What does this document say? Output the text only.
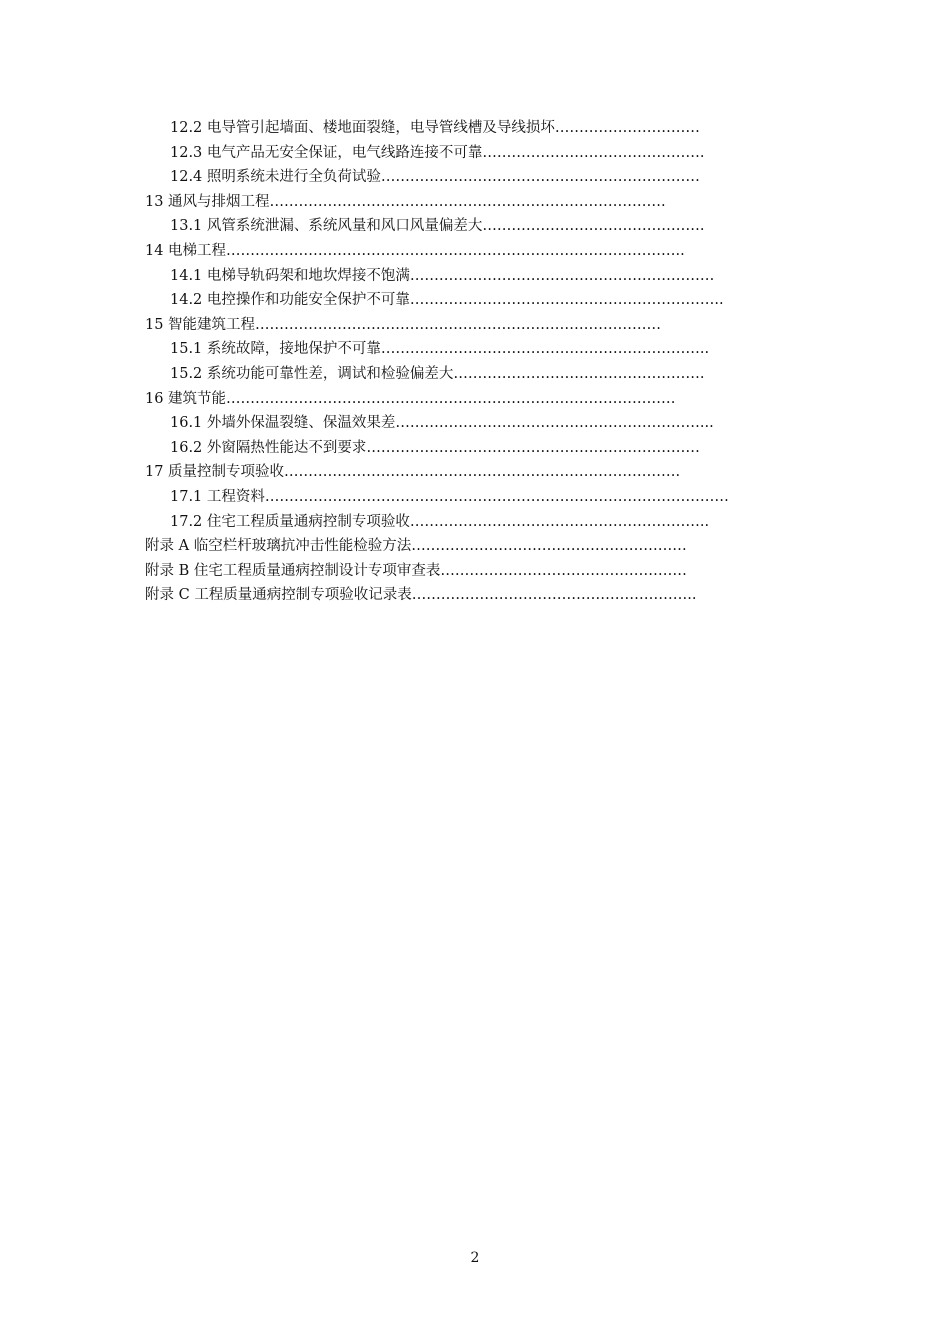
12.2 电导管引起墙面、楼地面裂缝，电导管线槽及导线损坏…………………………
12.3 电气产品无安全保证，电气线路连接不可靠……………………………………….
12.4 照明系统未进行全负荷试验…………………………………………………………
13 通风与排烟工程……………………………………………………………………….
13.1 风管系统泄漏、系统风量和风口风量偏差大……………………………………….
14 电梯工程…………………………………………………………………………………..
14.1 电梯导轨码架和地坎焊接不饱满………………………………………………………
14.2 电控操作和功能安全保护不可靠………………………………………………………..
15 智能建筑工程…………………………………………………………………………
15.1 系统故障，接地保护不可靠…………………………………………………………..
15.2 系统功能可靠性差，调试和检验偏差大…………………………………………….
16 建筑节能…………………………………………………………………………………
16.1 外墙外保温裂缝、保温效果差………………………………………………………...
16.2 外窗隔热性能达不到要求……………………………………………………………
17 质量控制专项验收……………………………………………………………………….
17.1 工程资料……………………………………………………………………………………
17.2 住宅工程质量通病控制专项验收……………………………………………………..
附录 A 临空栏杆玻璃抗冲击性能检验方法…………………………………………………
附录 B 住宅工程质量通病控制设计专项审查表……………………………………………
附录 C 工程质量通病控制专项验收记录表…………………………………………………..
2
